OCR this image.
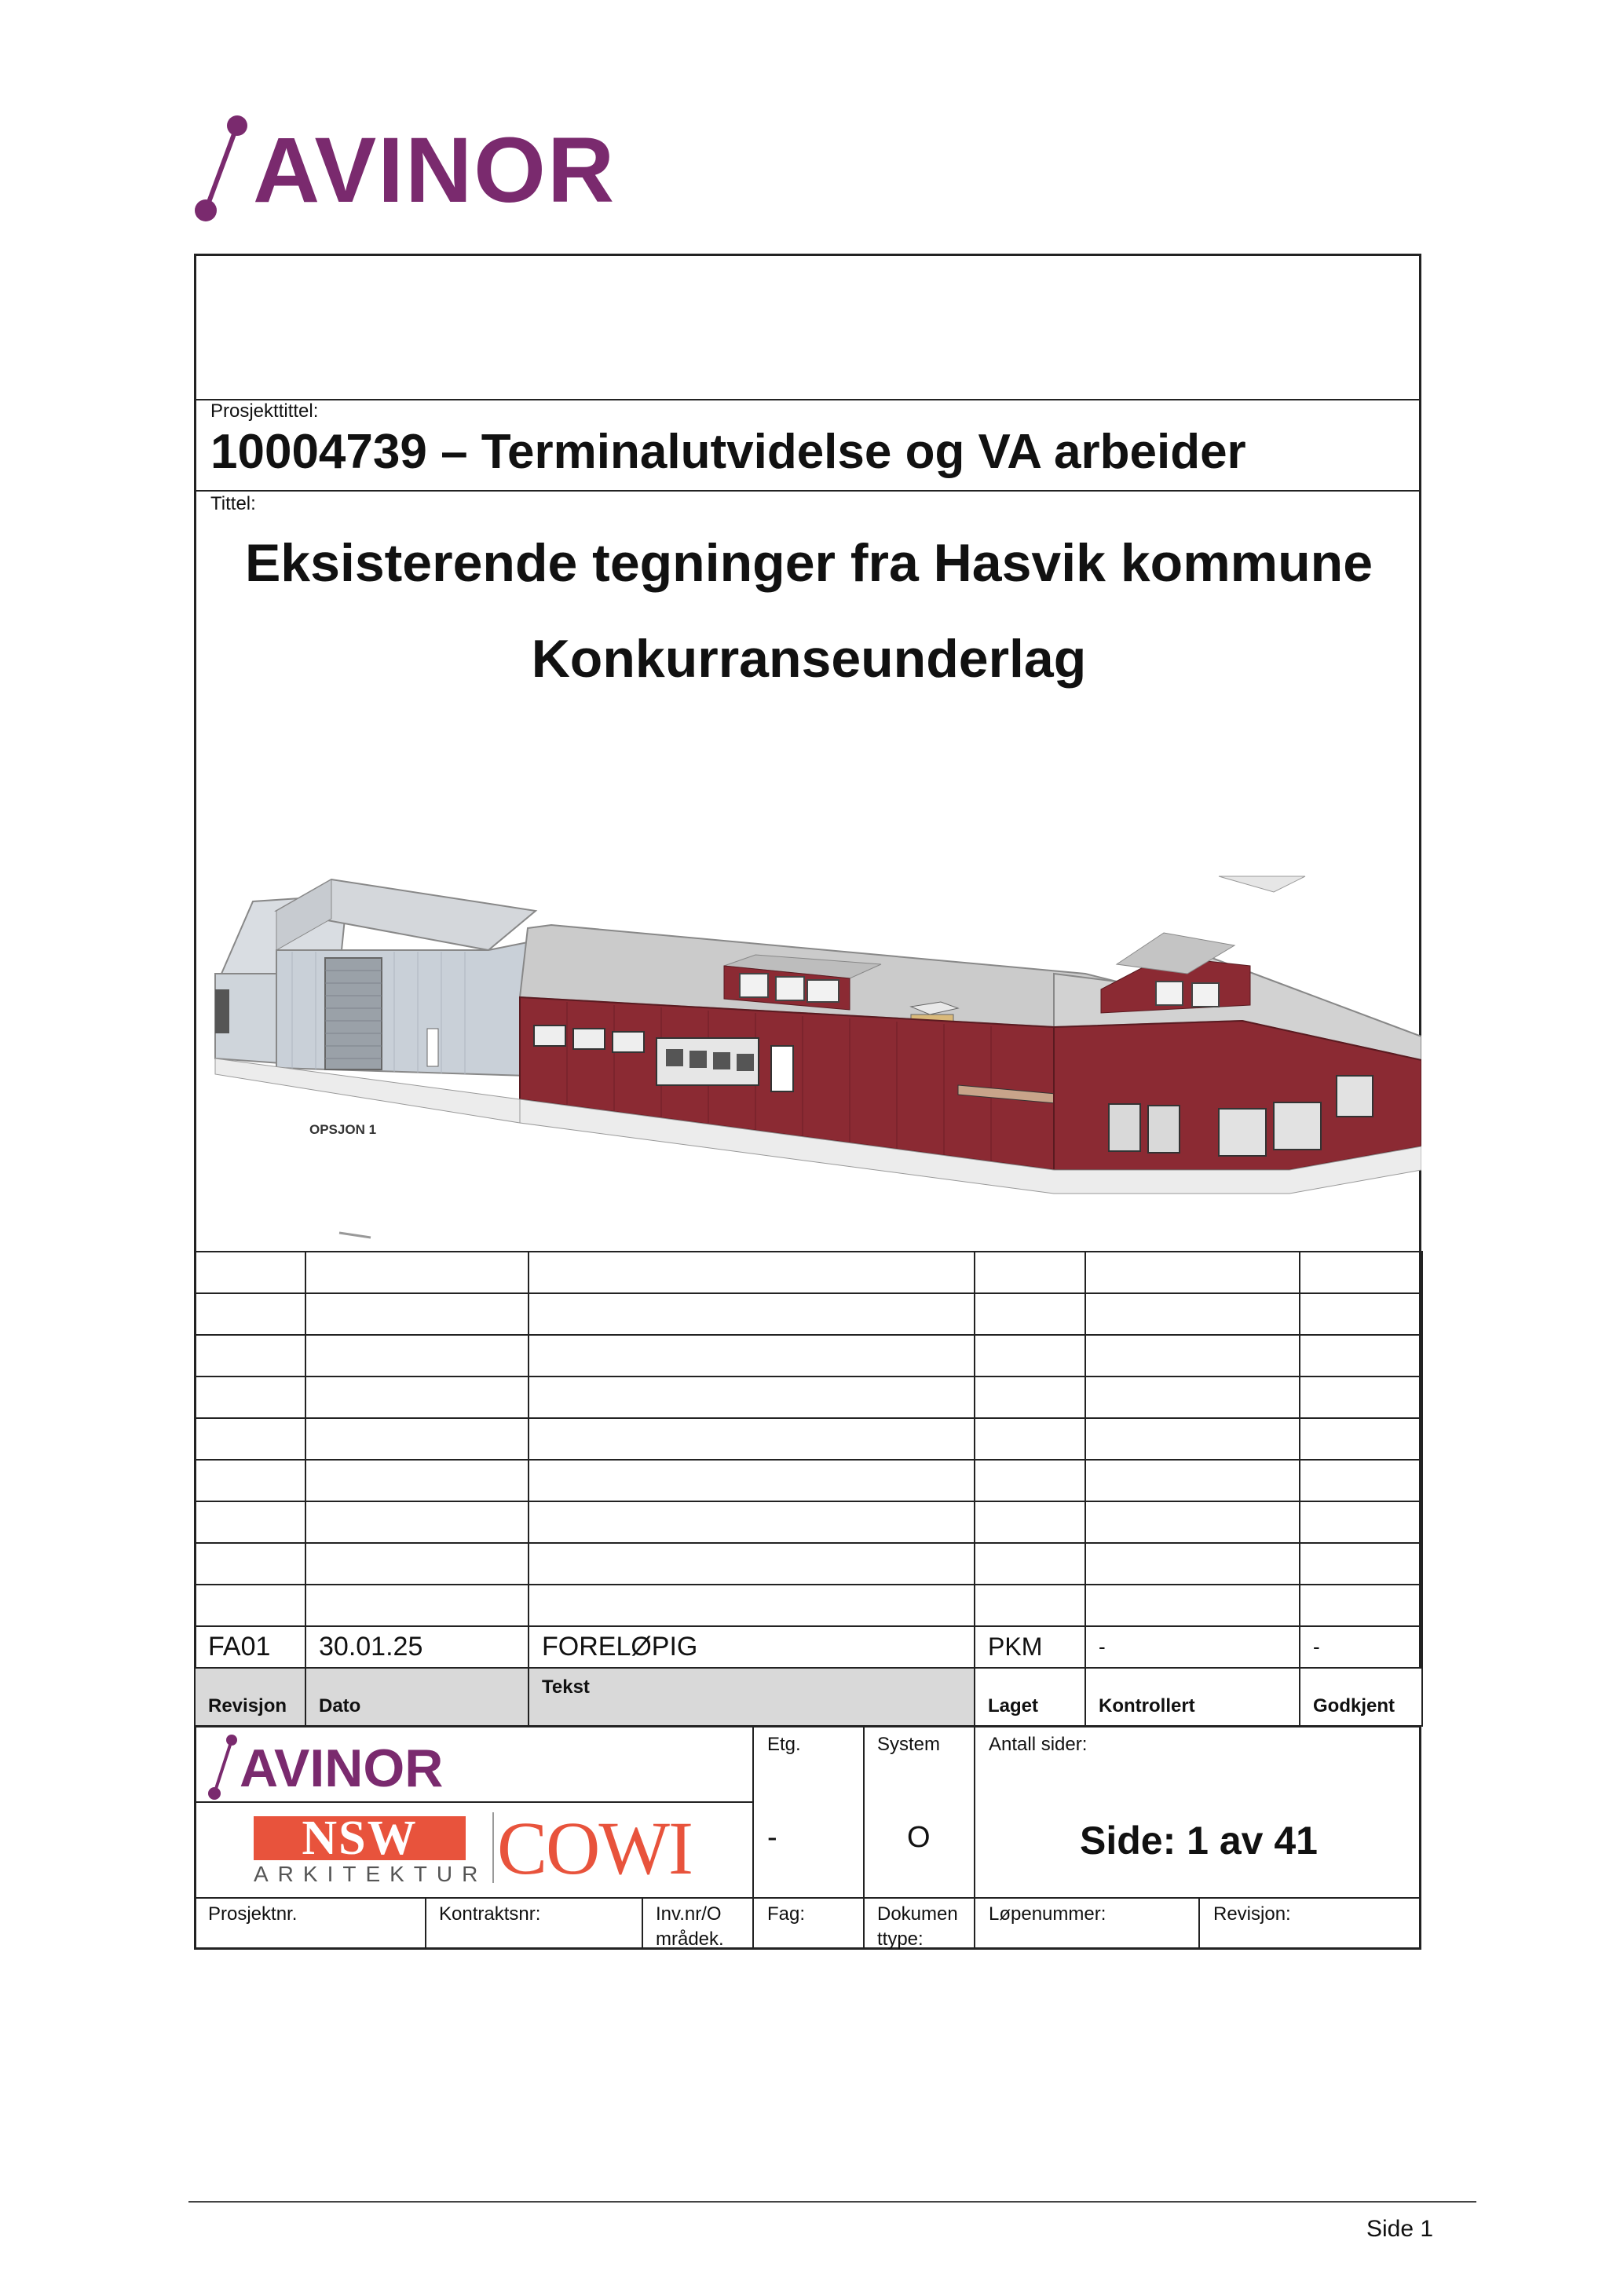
AVINOR
Prosjekttittel:
10004739 – Terminalutvidelse og VA arbeider
Tittel:
Eksisterende tegninger fra Hasvik kommune
Konkurranseunderlag
OPSJON 1

FA01	30.01.25	FORELØPIG	PKM	-	-
Revisjon	Dato	Tekst	Laget	Kontrollert	Godkjent
AVINOR
NSW
ARKITEKTUR COWI
Etg.
-
System
O
Antall sider:
Side: 1 av 41
Prosjektnr.	Kontraktsnr:	Inv.nr/O
mrådek.
Fag:	Dokumen
ttype:
Løpenummer:	Revisjon:
Side 1
